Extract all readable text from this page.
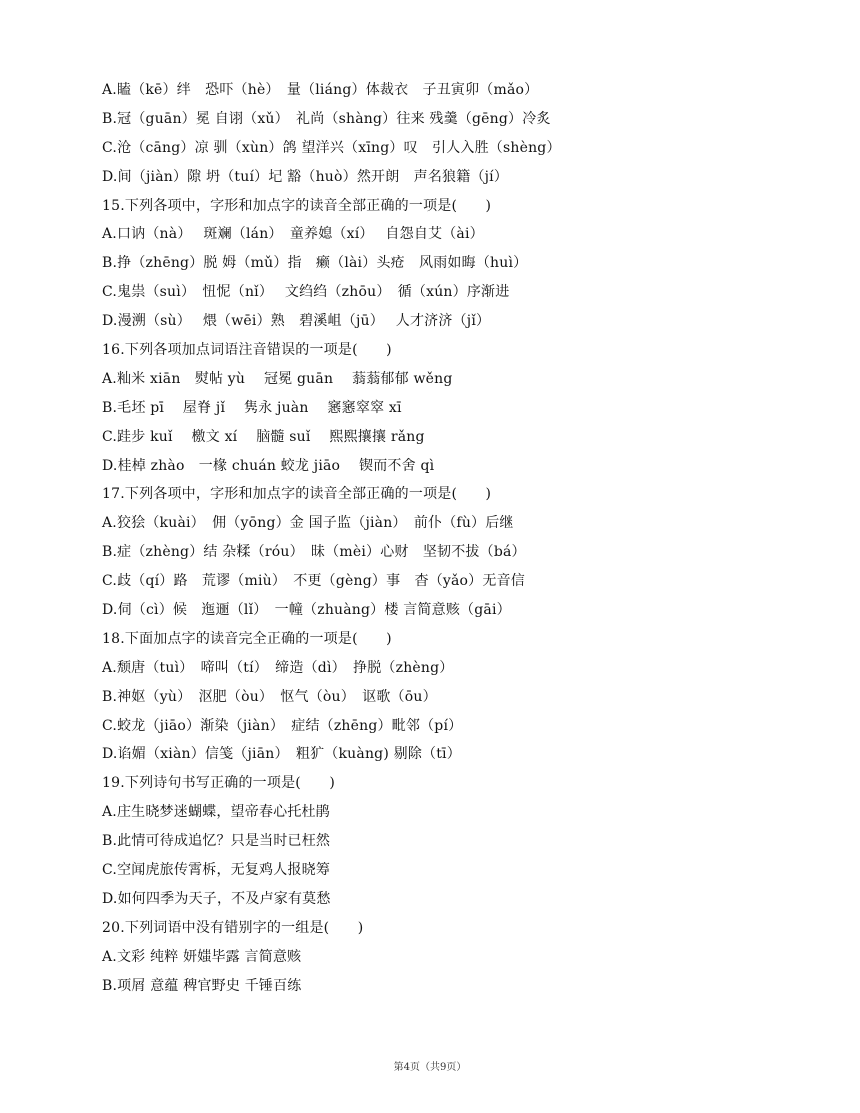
A.瞌（kē）绊　恐吓（hè）　量（liáng）体裁衣　子丑寅卯（mǎo）
B.冠（guān）冕 自诩（xǔ）　礼尚（shàng）往来 残羹（gēng）冷炙
C.沧（cāng）凉 驯（xùn）鸽 望洋兴（xīng）叹　引人入胜（shèng）
D.间（jiàn）隙 坍（tuí）圮 豁（huò）然开朗　声名狼籍（jí）
15.下列各项中，字形和加点字的读音全部正确的一项是(　　)
A.口讷（nà）　 斑斓（lán）　童养媳（xí）　 自怨自艾（ài）
B.挣（zhēng）脱 姆（mǔ）指　癞（lài）头疮　风雨如晦（huì）
C.鬼祟（suì）　忸怩（nǐ）　 文绉绉（zhōu）　循（xún）序渐进
D.漫溯（sù）　 煨（wēi）熟　碧溪岨（jū）　 人才济济（jǐ）
16.下列各项加点词语注音错误的一项是(　　)
A.籼米 xiān　熨帖 yù　 冠冕 guān　 蓊蓊郁郁 wěng
B.毛坯 pī　 屋脊 jǐ　 隽永 juàn　 窸窸窣窣 xī
C.跬步 kuǐ　 檄文 xí　 脑髓 suǐ　 熙熙攘攘 rǎng
D.桂棹 zhào　一椽 chuán 蛟龙 jiāo　 锲而不舍 qì
17.下列各项中，字形和加点字的读音全部正确的一项是(　　)
A.狡狯（kuài）　佣（yōng）金 国子监（jiàn）　前仆（fù）后继
B.症（zhèng）结 杂糅（róu）　昧（mèi）心财　坚韧不拔（bá）
C.歧（qí）路　荒谬（miù）　不更（gèng）事　杳（yǎo）无音信
D.伺（cì）候　迤逦（lǐ）　一幢（zhuàng）楼 言简意赅（gāi）
18.下面加点字的读音完全正确的一项是(　　)
A.颓唐（tuì）　啼叫（tí）　缔造（dì）　挣脱（zhèng）
B.神妪（yù）　沤肥（òu）　怄气（òu）　讴歌（ōu）
C.蛟龙（jiāo）渐染（jiàn）　症结（zhēng）毗邻（pí）
D.谄媚（xiàn）信笺（jiān）　粗犷（kuàng) 剔除（tī）
19.下列诗句书写正确的一项是(　　)
A.庄生晓梦迷蝴蝶，望帝春心托杜鹃
B.此情可待成追忆？只是当时已枉然
C.空闻虎旅传霄柝，无复鸡人报晓筹
D.如何四季为天子，不及卢家有莫愁
20.下列词语中没有错别字的一组是(　　)
A.文彩 纯粹 妍媸毕露 言简意赅
B.项屑 意蕴 稗官野史 千锤百练
第4页（共9页）
